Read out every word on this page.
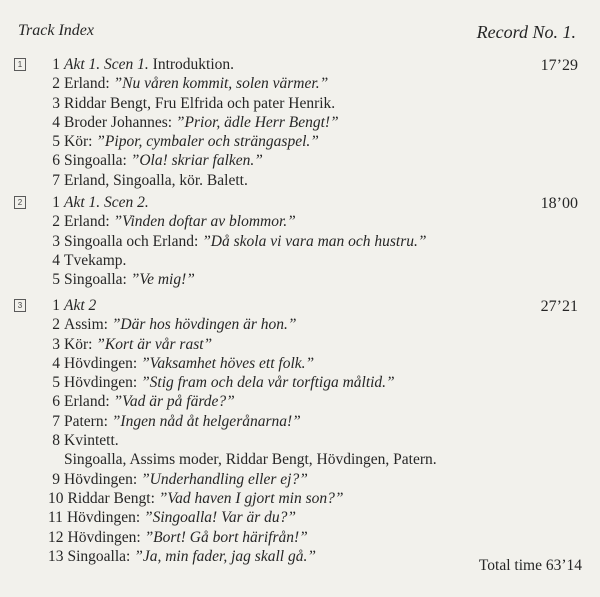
Track Index	Record No. 1.
1	17’29
1 Akt 1. Scen 1. Introduktion.
2 Erland: ”Nu våren kommit, solen värmer.”
3 Riddar Bengt, Fru Elfrida och pater Henrik.
4 Broder Johannes: ”Prior, ädle Herr Bengt!”
5 Kör: ”Pipor, cymbaler och strängaspel.”
6 Singoalla: ”Ola! skriar falken.”
7 Erland, Singoalla, kör. Balett.
2	18’00
1 Akt 1. Scen 2.
2 Erland: ”Vinden doftar av blommor.”
3 Singoalla och Erland: ”Då skola vi vara man och hustru.”
4 Tvekamp.
5 Singoalla: ”Ve mig!”
3	27’21
1 Akt 2
2 Assim: ”Där hos hövdingen är hon.”
3 Kör: ”Kort är vår rast”
4 Hövdingen: ”Vaksamhet höves ett folk.”
5 Hövdingen: ”Stig fram och dela vår torftiga måltid.”
6 Erland: ”Vad är på färde?”
7 Patern: ”Ingen nåd åt helgerånarna!”
8 Kvintett.
Singoalla, Assims moder, Riddar Bengt, Hövdingen, Patern.
9 Hövdingen: ”Underhandling eller ej?”
10 Riddar Bengt: ”Vad haven I gjort min son?”
11 Hövdingen: ”Singoalla! Var är du?”
12 Hövdingen: ”Bort! Gå bort härifrån!”
13 Singoalla: ”Ja, min fader, jag skall gå.”
Total time 63’14
